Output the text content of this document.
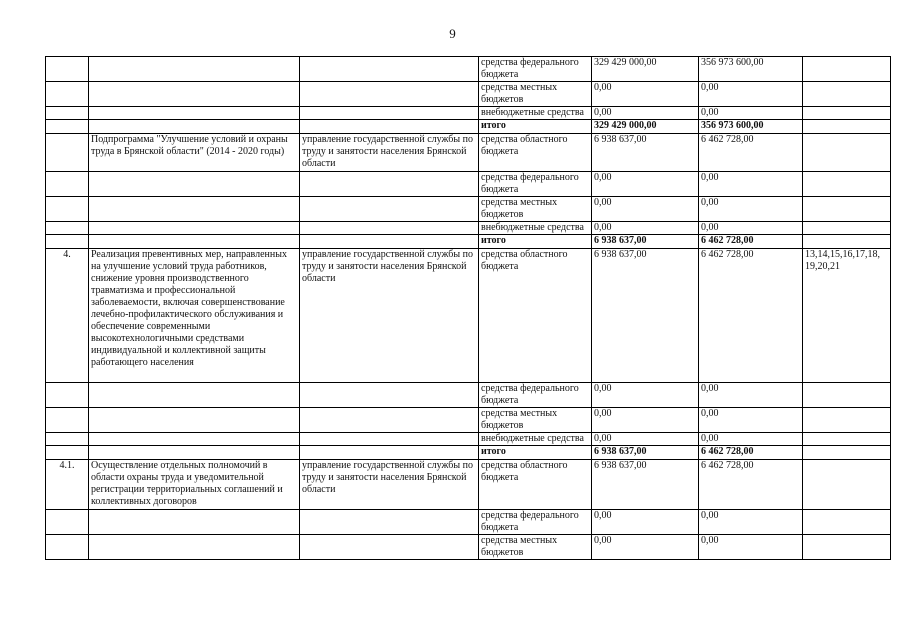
9
			средства федерального бюджета	329 429 000,00	356 973 600,00	
			средства местных бюджетов	0,00	0,00	
			внебюджетные средства	0,00	0,00	
			итого	329 429 000,00	356 973 600,00	
	Подпрограмма "Улучшение условий и охраны труда в Брянской области" (2014 - 2020 годы)	управление государственной службы по труду и занятости населения Брянской области	средства областного бюджета	6 938 637,00	6 462 728,00	
			средства федерального бюджета	0,00	0,00	
			средства местных бюджетов	0,00	0,00	
			внебюджетные средства	0,00	0,00	
			итого	6 938 637,00	6 462 728,00	
4.	Реализация превентивных мер, направленных на улучшение условий труда работников, снижение уровня производственного травматизма и профессиональной заболеваемости, включая совершенствование лечебно-профилактического обслуживания и обеспечение современными высокотехнологичными средствами индивидуальной и коллективной защиты работающего населения	управление государственной службы по труду и занятости населения Брянской области	средства областного бюджета	6 938 637,00	6 462 728,00	13,14,15,16,17,18, 19,20,21
			средства федерального бюджета	0,00	0,00	
			средства местных бюджетов	0,00	0,00	
			внебюджетные средства	0,00	0,00	
			итого	6 938 637,00	6 462 728,00	
4.1.	Осуществление отдельных полномочий в области охраны труда и уведомительной регистрации территориальных соглашений и коллективных договоров	управление государственной службы по труду и занятости населения Брянской области	средства областного бюджета	6 938 637,00	6 462 728,00	
			средства федерального бюджета	0,00	0,00	
			средства местных бюджетов	0,00	0,00	
